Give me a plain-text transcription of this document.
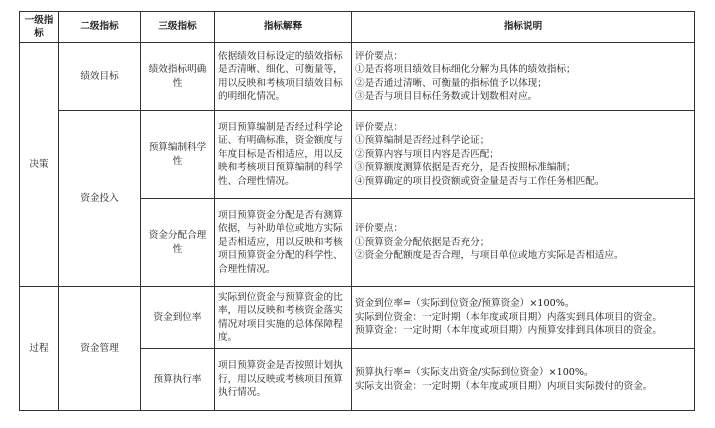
一级指标	二级指标	三级指标	指标解释	指标说明
决策	绩效目标	绩效指标明确性	依据绩效目标设定的绩效指标是否清晰、细化、可衡量等，用以反映和考核项目绩效目标的明细化情况。	评价要点：
①是否将项目绩效目标细化分解为具体的绩效指标；
②是否通过清晰、可衡量的指标值予以体现；
③是否与项目目标任务数或计划数相对应。

	资金投入	预算编制科学性	项目预算编制是否经过科学论证、有明确标准，资金额度与年度目标是否相适应，用以反映和考核项目预算编制的科学性、合理性情况。	评价要点：
①预算编制是否经过科学论证；
②预算内容与项目内容是否匹配；
③预算额度测算依据是否充分，是否按照标准编制；
④预算确定的项目投资额或资金量是否与工作任务相匹配。

		资金分配合理性	项目预算资金分配是否有测算依据，与补助单位或地方实际是否相适应，用以反映和考核项目预算资金分配的科学性、合理性情况。	评价要点：
①预算资金分配依据是否充分；
②资金分配额度是否合理，与项目单位或地方实际是否相适应。

过程	资金管理	资金到位率	实际到位资金与预算资金的比率，用以反映和考核资金落实情况对项目实施的总体保障程度。	资金到位率=（实际到位资金/预算资金）×100%。
实际到位资金：一定时期（本年度或项目期）内落实到具体项目的资金。
预算资金：一定时期（本年度或项目期）内预算安排到具体项目的资金。

		预算执行率	项目预算资金是否按照计划执行，用以反映或考核项目预算执行情况。	预算执行率=（实际支出资金/实际到位资金）×100%。
实际支出资金：一定时期（本年度或项目期）内项目实际拨付的资金。
